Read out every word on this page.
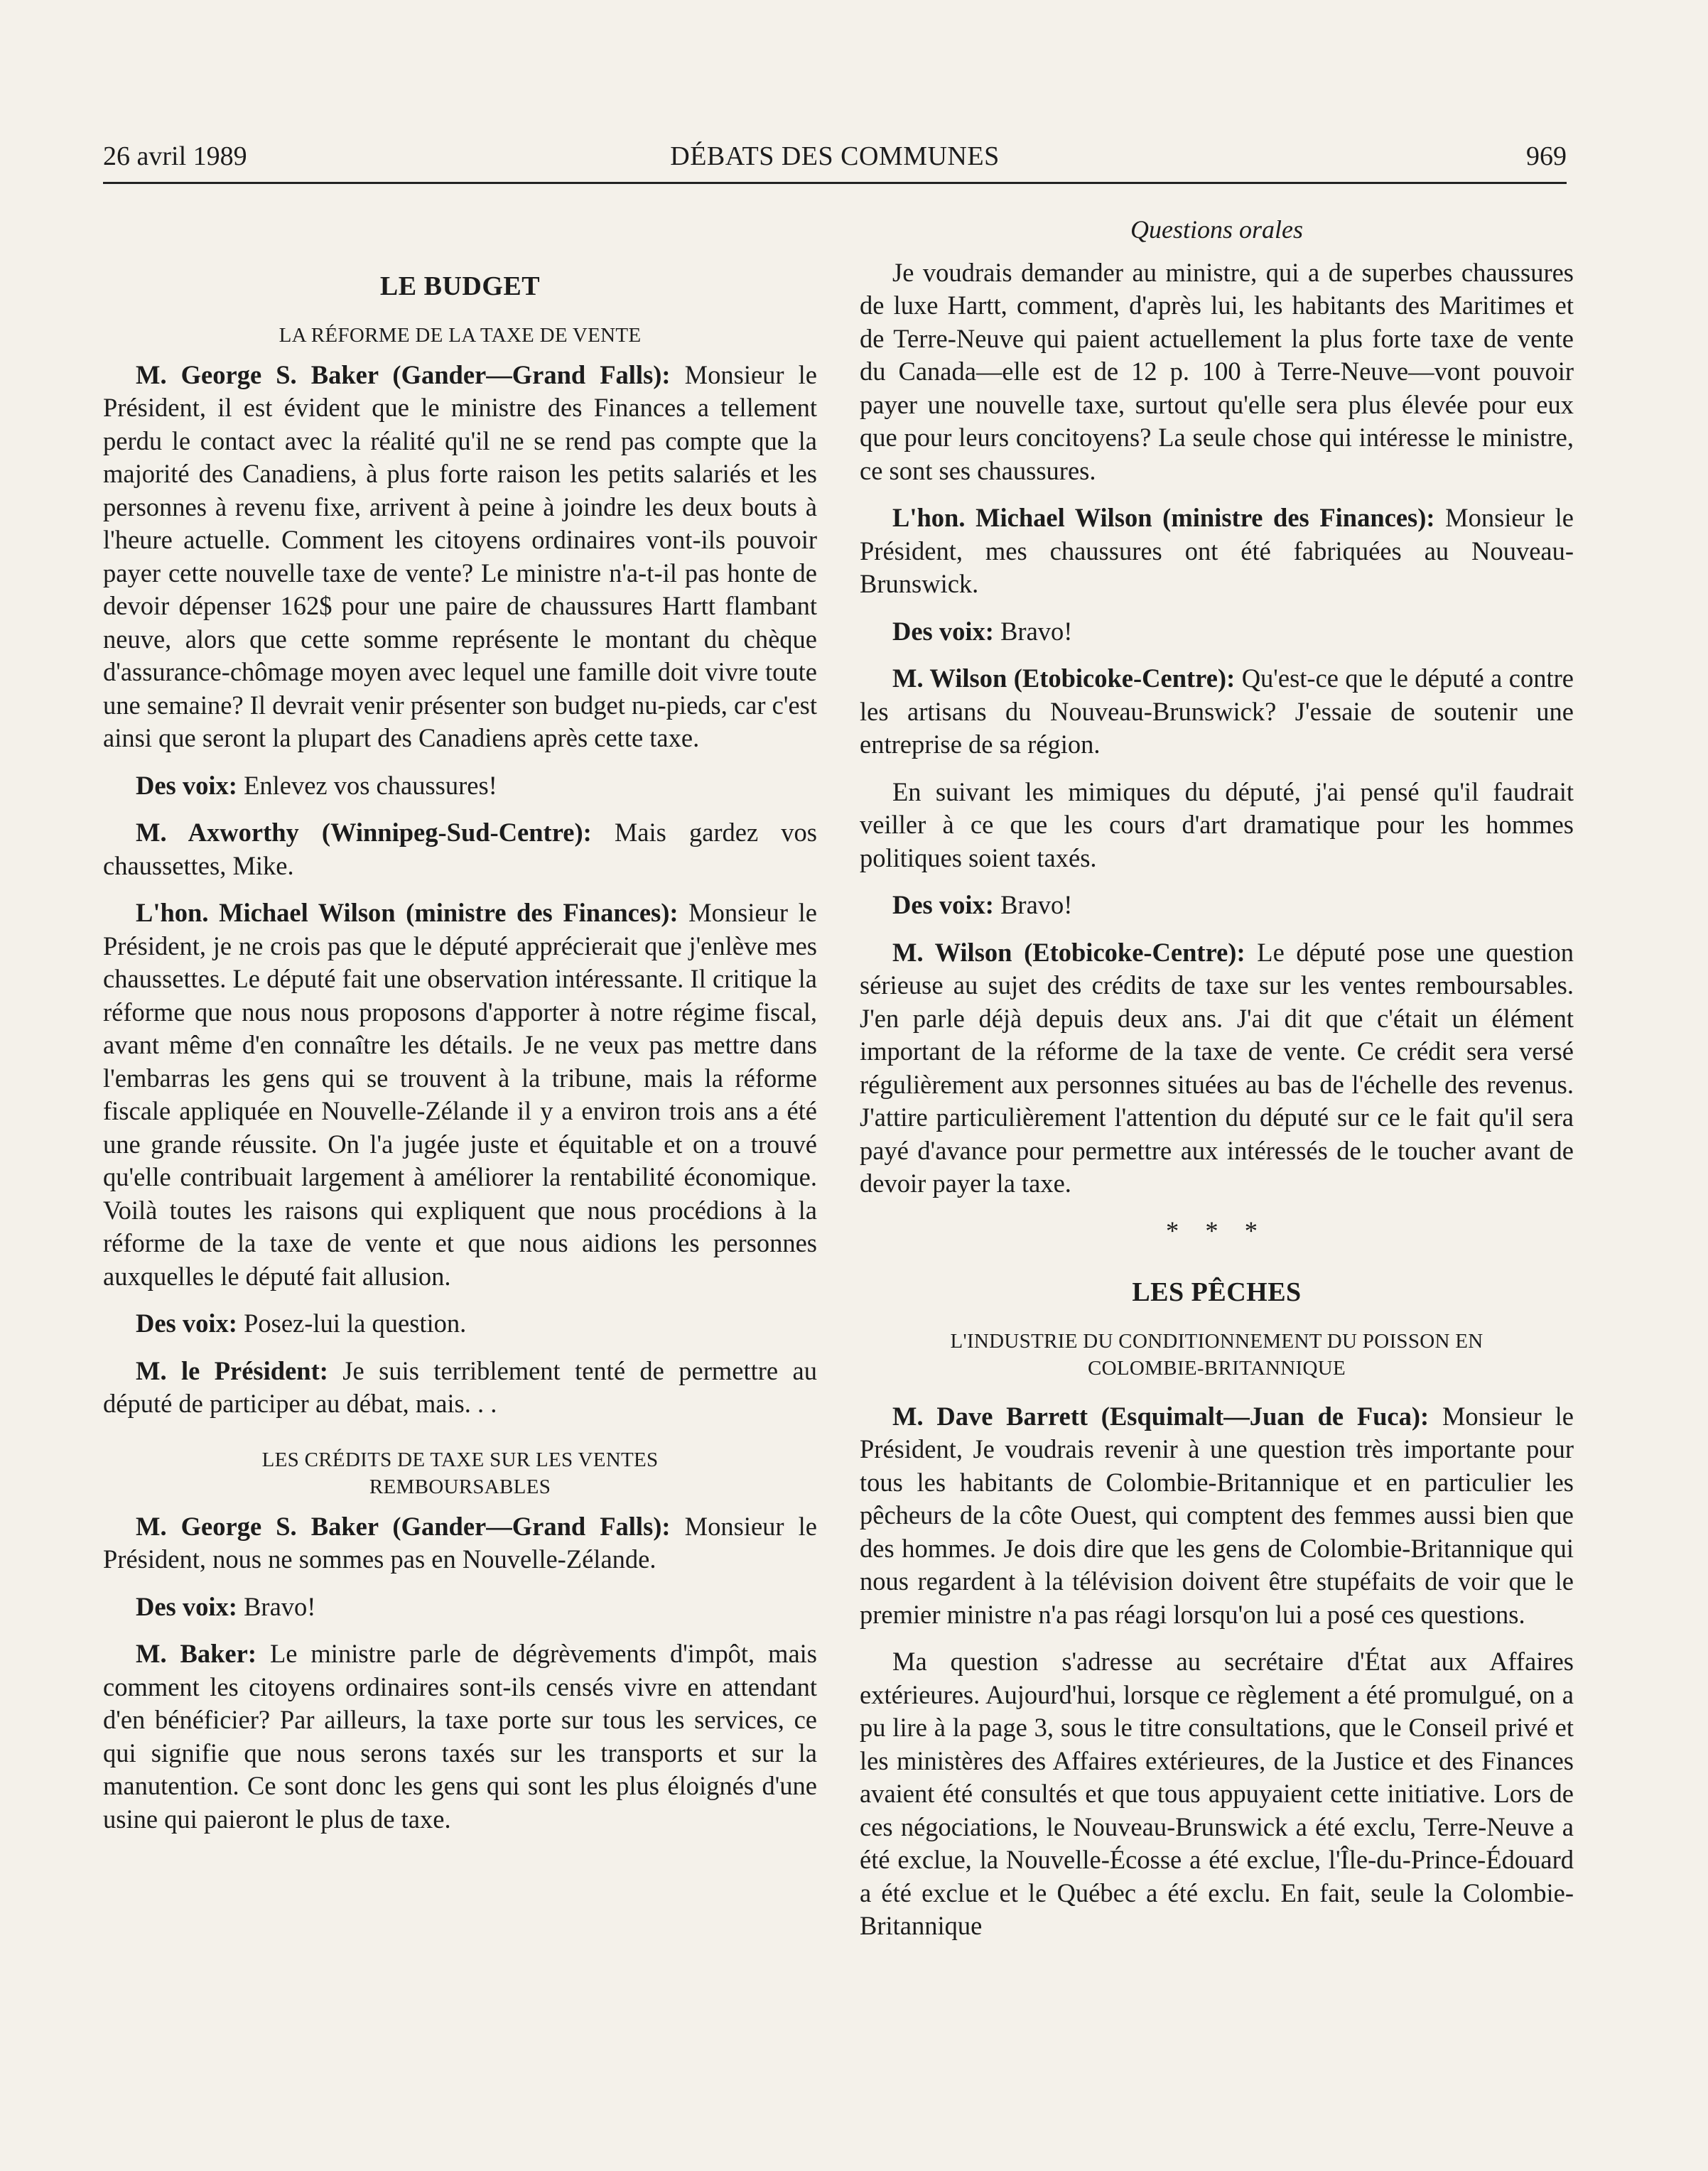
26 avril 1989	DÉBATS DES COMMUNES	969
LE BUDGET
LA RÉFORME DE LA TAXE DE VENTE

M. George S. Baker (Gander—Grand Falls): Monsieur le Président, il est évident que le ministre des Finances a tellement perdu le contact avec la réalité qu'il ne se rend pas compte que la majorité des Canadiens, à plus forte raison les petits salariés et les personnes à revenu fixe, arrivent à peine à joindre les deux bouts à l'heure actuelle. Comment les citoyens ordinaires vont-ils pouvoir payer cette nouvelle taxe de vente? Le ministre n'a-t-il pas honte de devoir dépenser 162$ pour une paire de chaussures Hartt flambant neuve, alors que cette somme représente le montant du chèque d'assurance-chômage moyen avec lequel une famille doit vivre toute une semaine? Il devrait venir présenter son budget nu-pieds, car c'est ainsi que seront la plupart des Canadiens après cette taxe.

Des voix: Enlevez vos chaussures!

M. Axworthy (Winnipeg-Sud-Centre): Mais gardez vos chaussettes, Mike.

L'hon. Michael Wilson (ministre des Finances): Monsieur le Président, je ne crois pas que le député apprécierait que j'enlève mes chaussettes. Le député fait une observation intéressante. Il critique la réforme que nous nous proposons d'apporter à notre régime fiscal, avant même d'en connaître les détails. Je ne veux pas mettre dans l'embarras les gens qui se trouvent à la tribune, mais la réforme fiscale appliquée en Nouvelle-Zélande il y a environ trois ans a été une grande réussite. On l'a jugée juste et équitable et on a trouvé qu'elle contribuait largement à améliorer la rentabilité économique. Voilà toutes les raisons qui expliquent que nous procédions à la réforme de la taxe de vente et que nous aidions les personnes auxquelles le député fait allusion.

Des voix: Posez-lui la question.

M. le Président: Je suis terriblement tenté de permettre au député de participer au débat, mais. . .

LES CRÉDITS DE TAXE SUR LES VENTES REMBOURSABLES

M. George S. Baker (Gander—Grand Falls): Monsieur le Président, nous ne sommes pas en Nouvelle-Zélande.

Des voix: Bravo!

M. Baker: Le ministre parle de dégrèvements d'impôt, mais comment les citoyens ordinaires sont-ils censés vivre en attendant d'en bénéficier? Par ailleurs, la taxe porte sur tous les services, ce qui signifie que nous serons taxés sur les transports et sur la manutention. Ce sont donc les gens qui sont les plus éloignés d'une usine qui paieront le plus de taxe.

Questions orales

Je voudrais demander au ministre, qui a de superbes chaussures de luxe Hartt, comment, d'après lui, les habitants des Maritimes et de Terre-Neuve qui paient actuellement la plus forte taxe de vente du Canada—elle est de 12 p. 100 à Terre-Neuve—vont pouvoir payer une nouvelle taxe, surtout qu'elle sera plus élevée pour eux que pour leurs concitoyens? La seule chose qui intéresse le ministre, ce sont ses chaussures.

L'hon. Michael Wilson (ministre des Finances): Monsieur le Président, mes chaussures ont été fabriquées au Nouveau-Brunswick.

Des voix: Bravo!

M. Wilson (Etobicoke-Centre): Qu'est-ce que le député a contre les artisans du Nouveau-Brunswick? J'essaie de soutenir une entreprise de sa région.

En suivant les mimiques du député, j'ai pensé qu'il faudrait veiller à ce que les cours d'art dramatique pour les hommes politiques soient taxés.

Des voix: Bravo!

M. Wilson (Etobicoke-Centre): Le député pose une question sérieuse au sujet des crédits de taxe sur les ventes remboursables. J'en parle déjà depuis deux ans. J'ai dit que c'était un élément important de la réforme de la taxe de vente. Ce crédit sera versé régulièrement aux personnes situées au bas de l'échelle des revenus. J'attire particulièrement l'attention du député sur ce le fait qu'il sera payé d'avance pour permettre aux intéressés de le toucher avant de devoir payer la taxe.

* * *
LES PÊCHES
L'INDUSTRIE DU CONDITIONNEMENT DU POISSON EN COLOMBIE-BRITANNIQUE

M. Dave Barrett (Esquimalt—Juan de Fuca): Monsieur le Président, Je voudrais revenir à une question très importante pour tous les habitants de Colombie-Britannique et en particulier les pêcheurs de la côte Ouest, qui comptent des femmes aussi bien que des hommes. Je dois dire que les gens de Colombie-Britannique qui nous regardent à la télévision doivent être stupéfaits de voir que le premier ministre n'a pas réagi lorsqu'on lui a posé ces questions.

Ma question s'adresse au secrétaire d'État aux Affaires extérieures. Aujourd'hui, lorsque ce règlement a été promulgué, on a pu lire à la page 3, sous le titre consultations, que le Conseil privé et les ministères des Affaires extérieures, de la Justice et des Finances avaient été consultés et que tous appuyaient cette initiative. Lors de ces négociations, le Nouveau-Brunswick a été exclu, Terre-Neuve a été exclue, la Nouvelle-Écosse a été exclue, l'Île-du-Prince-Édouard a été exclue et le Québec a été exclu. En fait, seule la Colombie-Britannique
